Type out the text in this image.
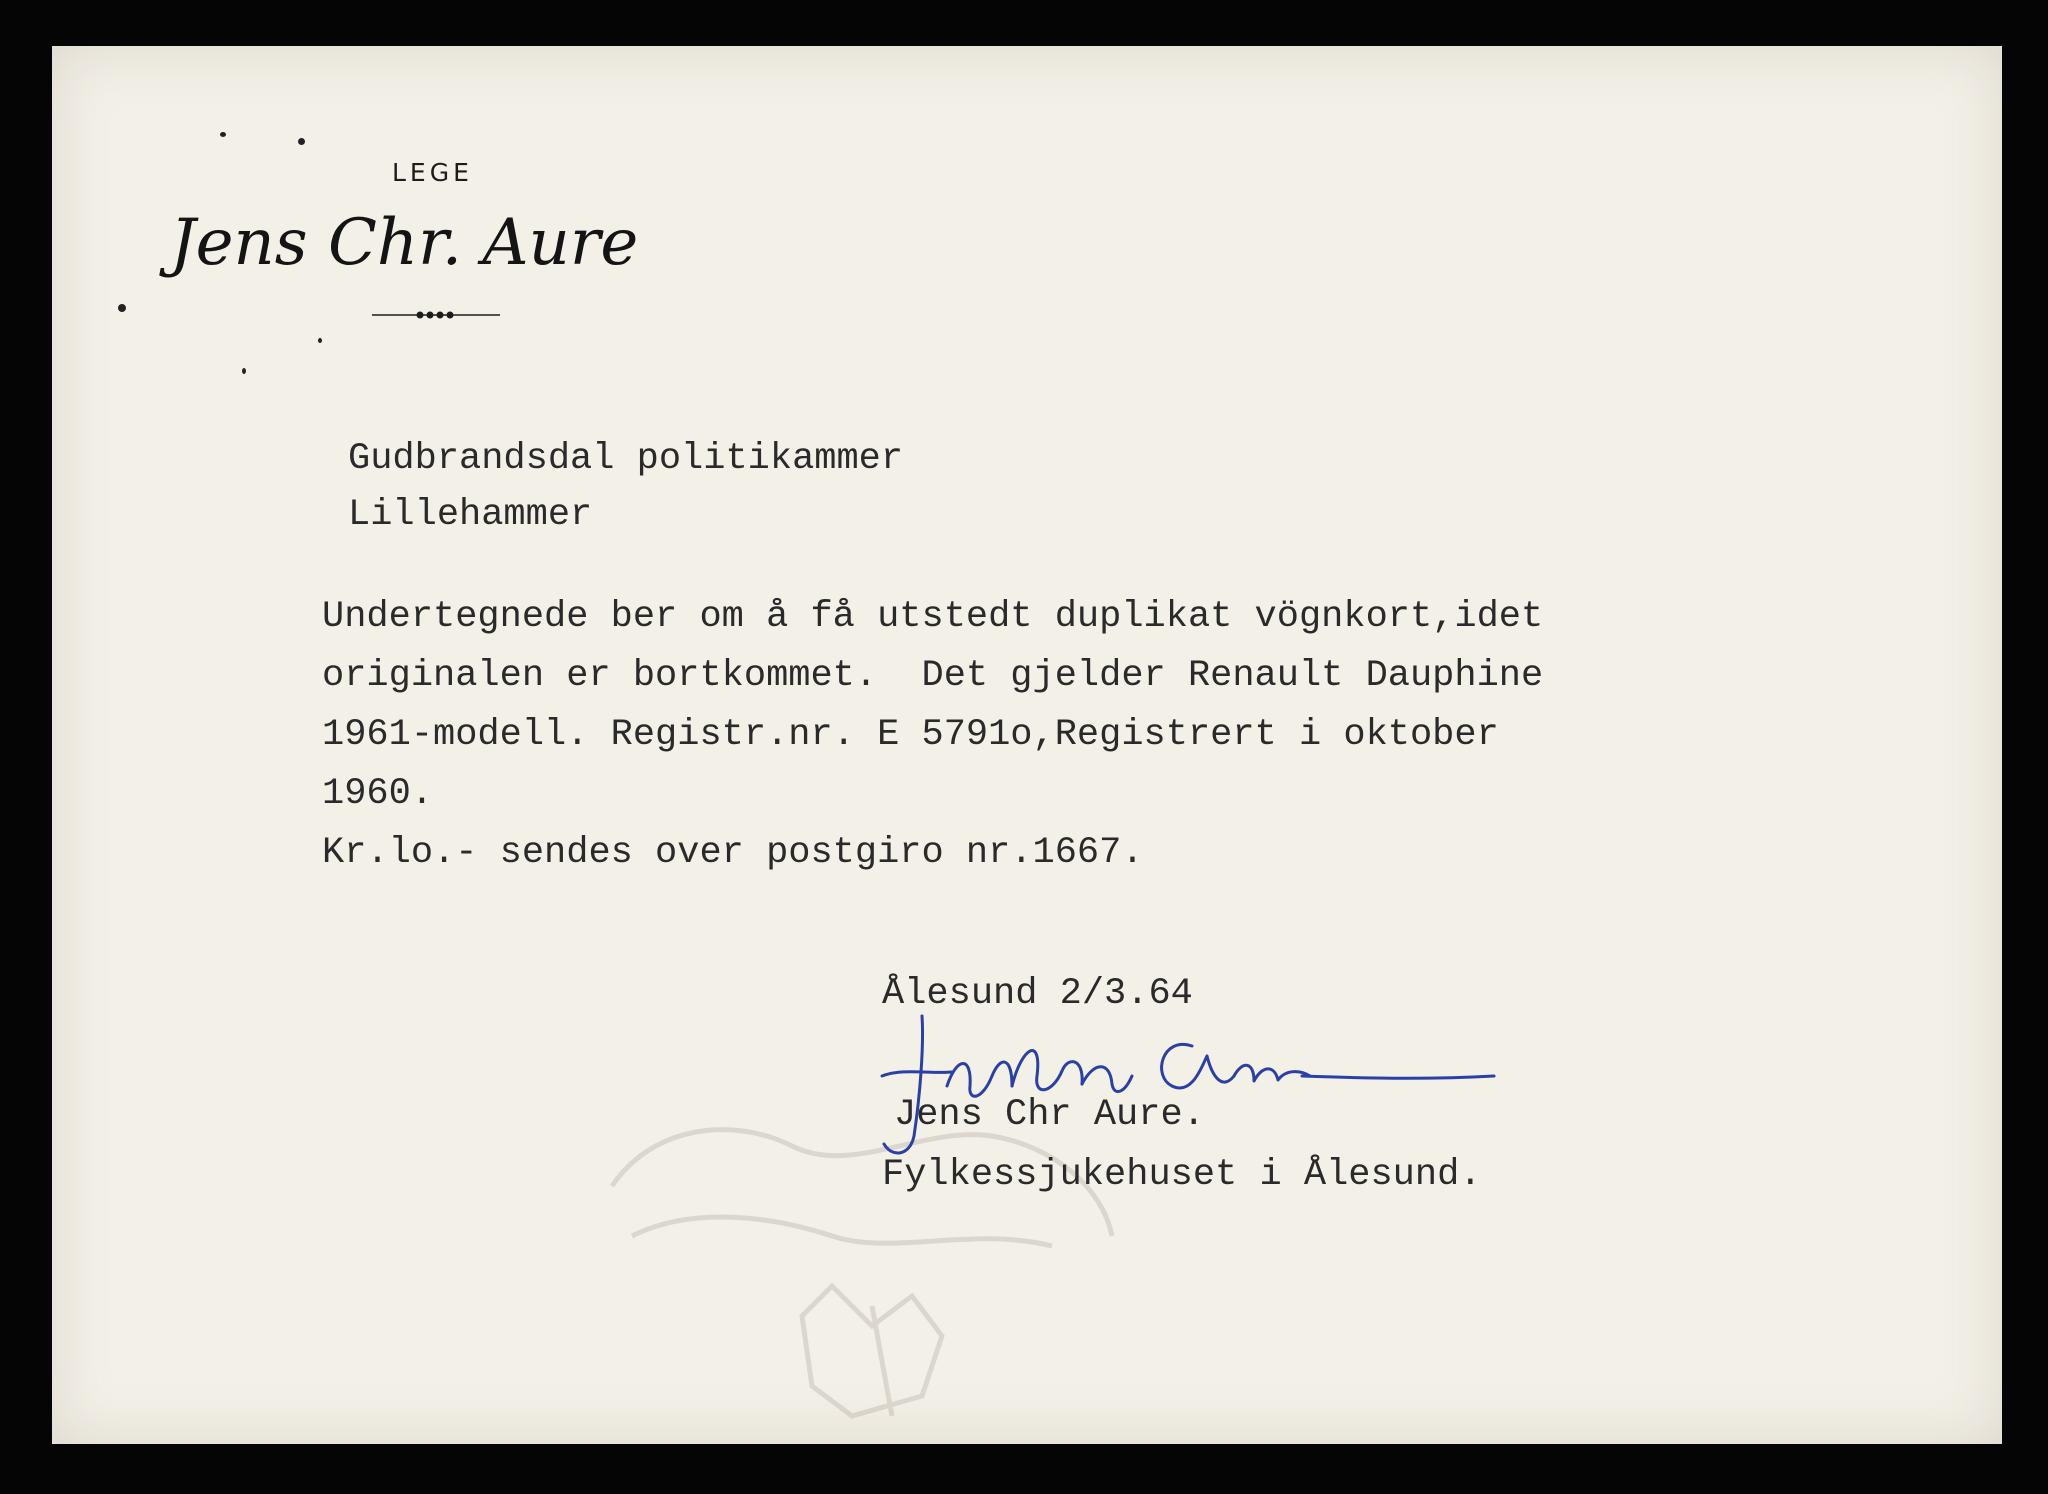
LEGE

Jens Chr. Aure

Gudbrandsdal politikammer

Lillehammer

Undertegnede ber om å få utstedt duplikat vögnkort,idet

originalen er bortkommet.  Det gjelder Renault Dauphine

1961-modell. Registr.nr. E 5791o,Registrert i oktober

1960.

Kr.lo.- sendes over postgiro nr.1667.

Ålesund 2/3.64

Jens Chr Aure.

Fylkessjukehuset i Ålesund.
